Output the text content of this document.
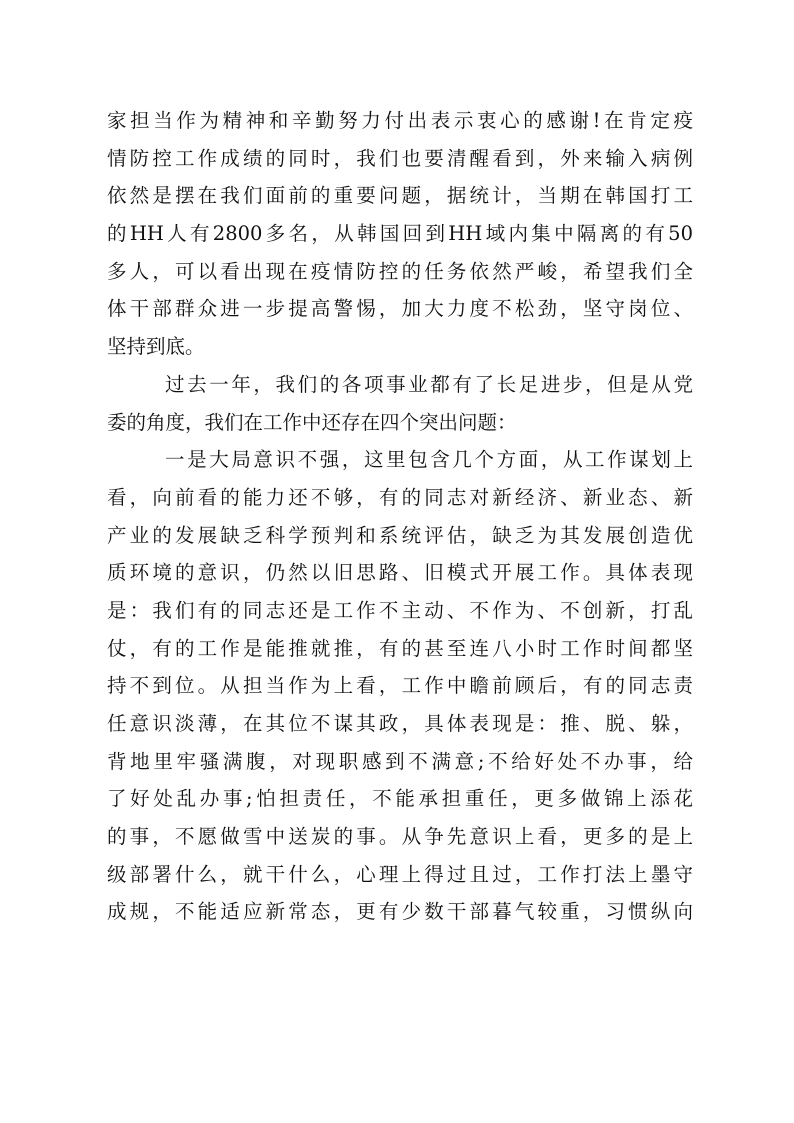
家担当作为精神和辛勤努力付出表示衷心的感谢!在肯定疫
情防控工作成绩的同时，我们也要清醒看到，外来输入病例
依然是摆在我们面前的重要问题，据统计，当期在韩国打工
的HH人有2800多名，从韩国回到HH域内集中隔离的有50
多人，可以看出现在疫情防控的任务依然严峻，希望我们全
体干部群众进一步提高警惕，加大力度不松劲，坚守岗位、
坚持到底。
过去一年，我们的各项事业都有了长足进步，但是从党
委的角度，我们在工作中还存在四个突出问题：
一是大局意识不强，这里包含几个方面，从工作谋划上
看，向前看的能力还不够，有的同志对新经济、新业态、新
产业的发展缺乏科学预判和系统评估，缺乏为其发展创造优
质环境的意识，仍然以旧思路、旧模式开展工作。具体表现
是：我们有的同志还是工作不主动、不作为、不创新，打乱
仗，有的工作是能推就推，有的甚至连八小时工作时间都坚
持不到位。从担当作为上看，工作中瞻前顾后，有的同志责
任意识淡薄，在其位不谋其政，具体表现是：推、脱、躲，
背地里牢骚满腹，对现职感到不满意;不给好处不办事，给
了好处乱办事;怕担责任，不能承担重任，更多做锦上添花
的事，不愿做雪中送炭的事。从争先意识上看，更多的是上
级部署什么，就干什么，心理上得过且过，工作打法上墨守
成规，不能适应新常态，更有少数干部暮气较重，习惯纵向
